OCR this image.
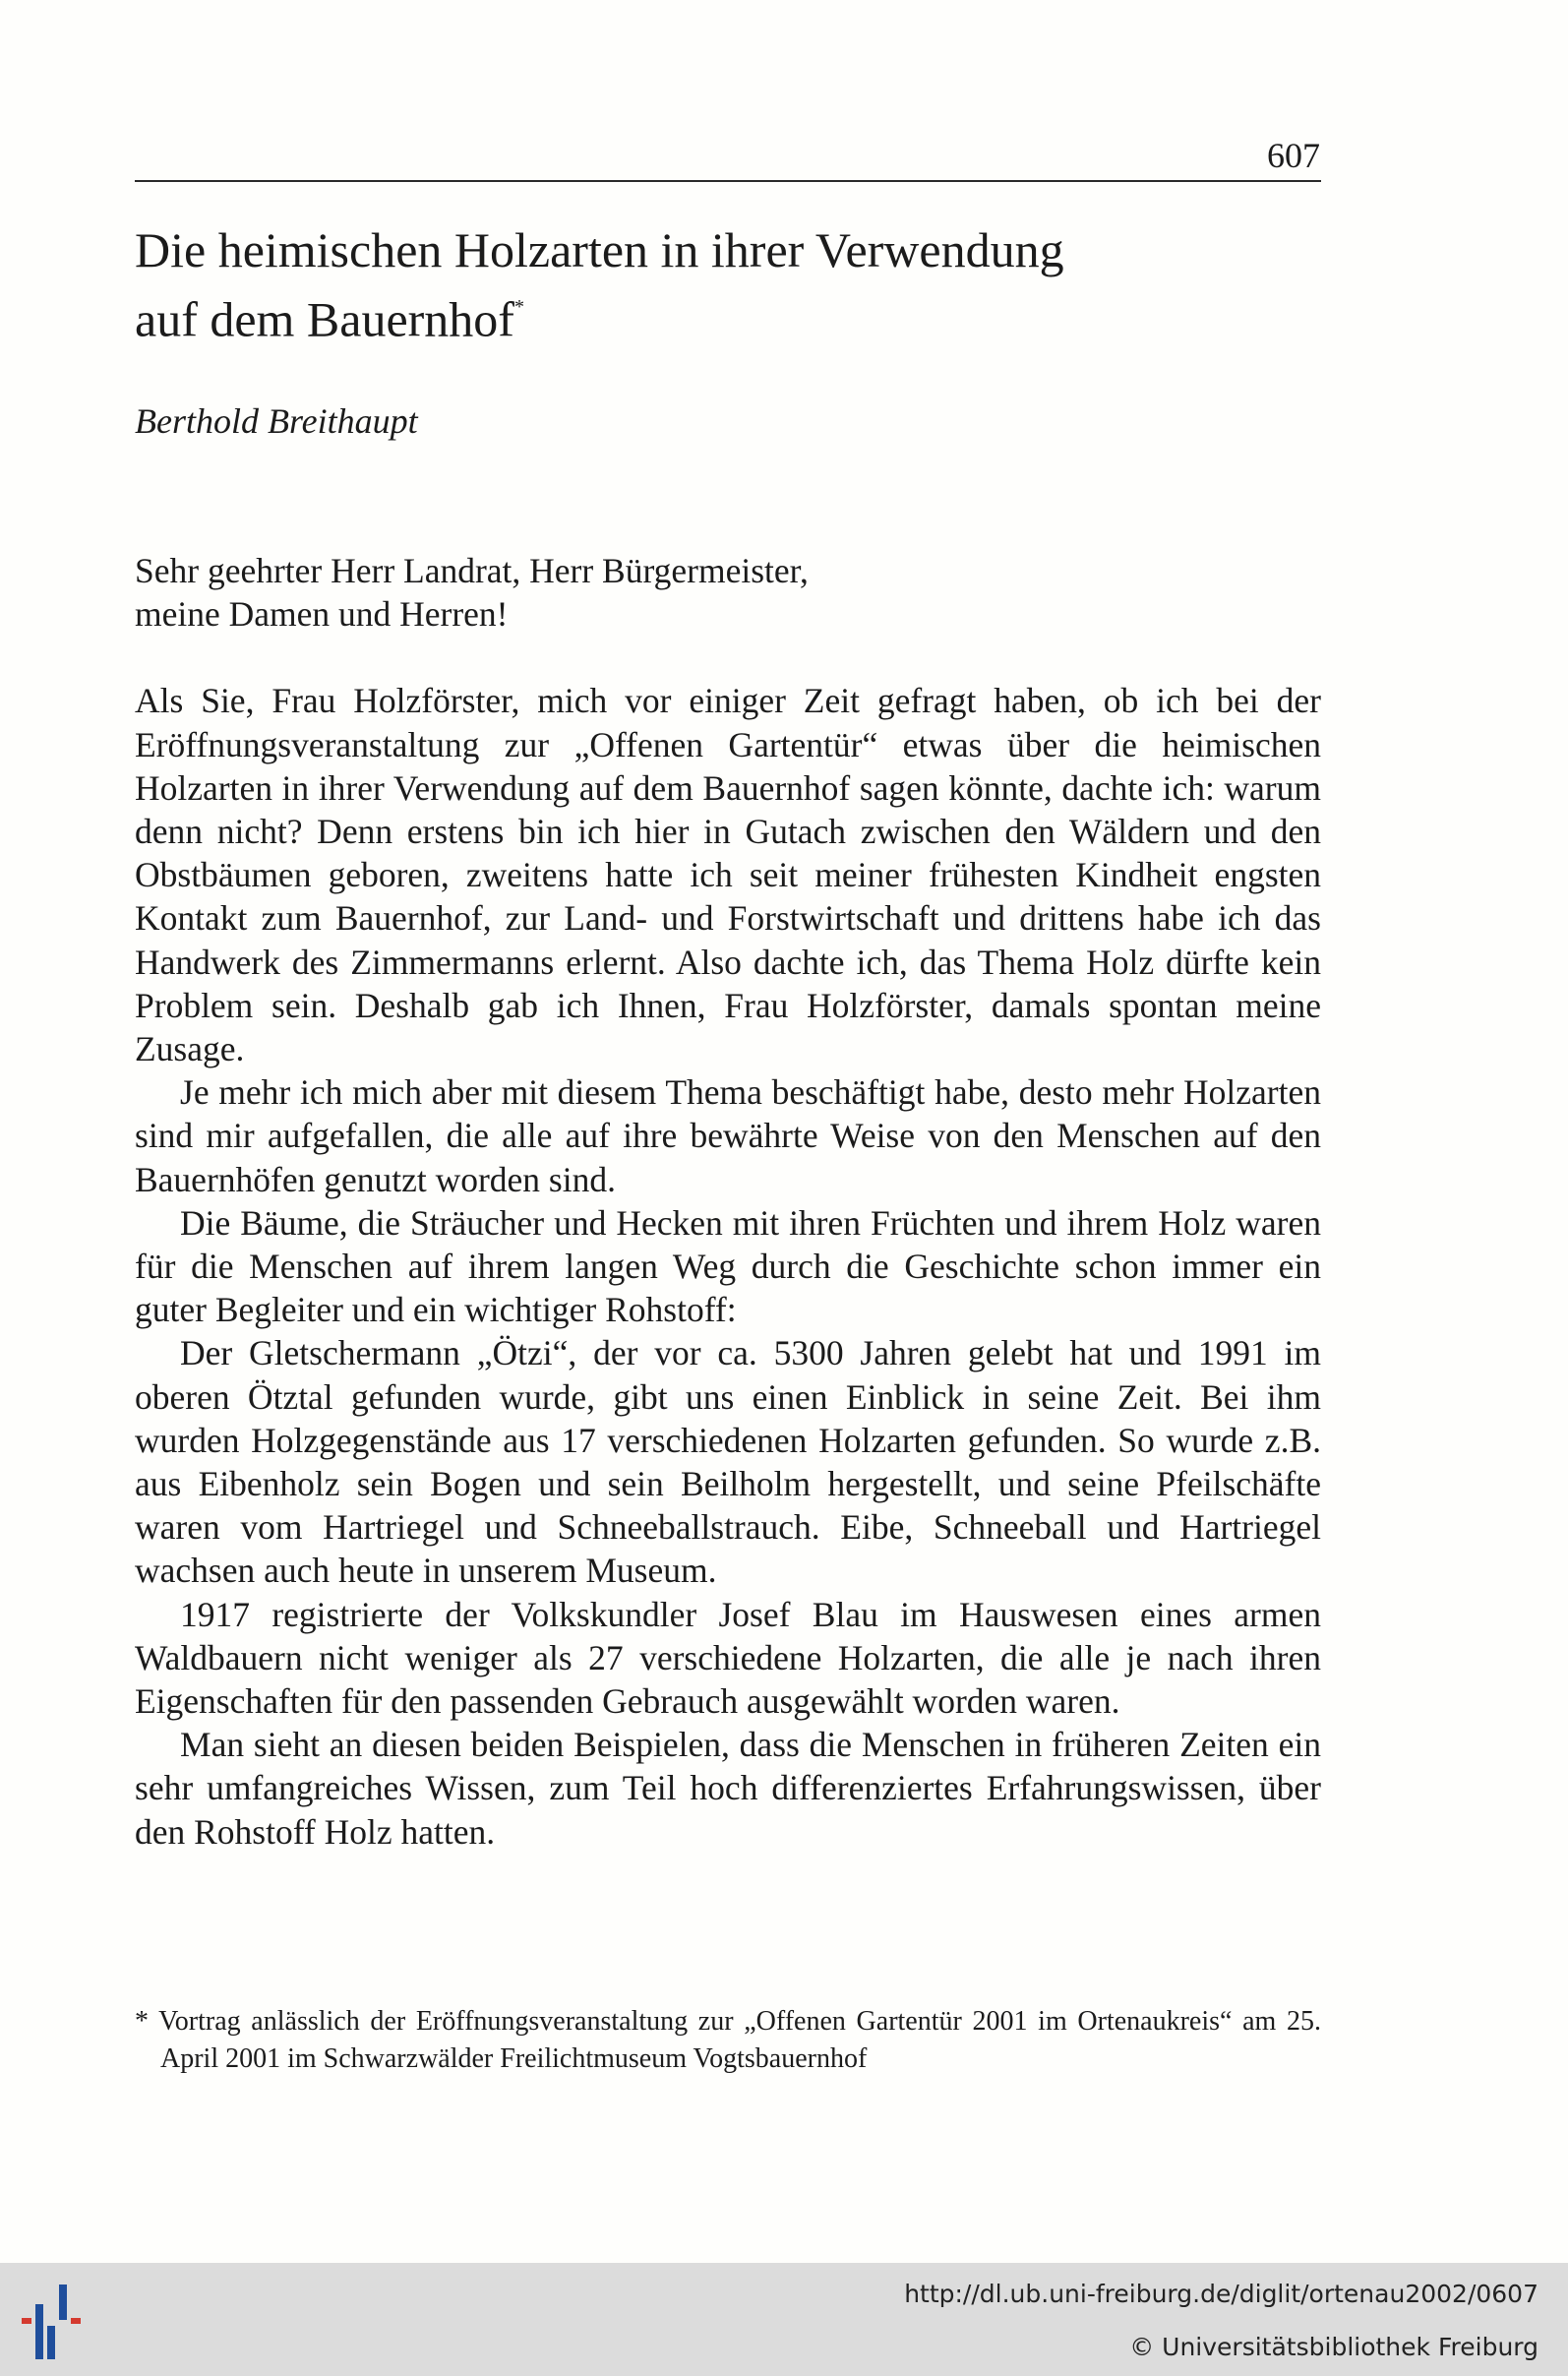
607
Die heimischen Holzarten in ihrer Verwendung
auf dem Bauernhof*
Berthold Breithaupt

Sehr geehrter Herr Landrat, Herr Bürgermeister,
meine Damen und Herren!

Als Sie, Frau Holzförster, mich vor einiger Zeit gefragt haben, ob ich bei der Eröffnungsveranstaltung zur „Offenen Gartentür“ etwas über die heimischen Holzarten in ihrer Verwendung auf dem Bauernhof sagen könnte, dachte ich: warum denn nicht? Denn erstens bin ich hier in Gutach zwischen den Wäldern und den Obstbäumen geboren, zweitens hatte ich seit meiner frühesten Kindheit engsten Kontakt zum Bauernhof, zur Land- und Forstwirtschaft und drittens habe ich das Handwerk des Zimmermanns erlernt. Also dachte ich, das Thema Holz dürfte kein Problem sein. Deshalb gab ich Ihnen, Frau Holzförster, damals spontan meine Zusage.

Je mehr ich mich aber mit diesem Thema beschäftigt habe, desto mehr Holzarten sind mir aufgefallen, die alle auf ihre bewährte Weise von den Menschen auf den Bauernhöfen genutzt worden sind.

Die Bäume, die Sträucher und Hecken mit ihren Früchten und ihrem Holz waren für die Menschen auf ihrem langen Weg durch die Geschichte schon immer ein guter Begleiter und ein wichtiger Rohstoff:

Der Gletschermann „Ötzi“, der vor ca. 5300 Jahren gelebt hat und 1991 im oberen Ötztal gefunden wurde, gibt uns einen Einblick in seine Zeit. Bei ihm wurden Holzgegenstände aus 17 verschiedenen Holzarten gefunden. So wurde z.B. aus Eibenholz sein Bogen und sein Beilholm hergestellt, und seine Pfeilschäfte waren vom Hartriegel und Schneeballstrauch. Eibe, Schneeball und Hartriegel wachsen auch heute in unserem Museum.

1917 registrierte der Volkskundler Josef Blau im Hauswesen eines armen Waldbauern nicht weniger als 27 verschiedene Holzarten, die alle je nach ihren Eigenschaften für den passenden Gebrauch ausgewählt worden waren.

Man sieht an diesen beiden Beispielen, dass die Menschen in früheren Zeiten ein sehr umfangreiches Wissen, zum Teil hoch differenziertes Erfahrungswissen, über den Rohstoff Holz hatten.

* Vortrag anlässlich der Eröffnungsveranstaltung zur „Offenen Gartentür 2001 im Ortenaukreis“ am 25. April 2001 im Schwarzwälder Freilichtmuseum Vogtsbauernhof

http://dl.ub.uni-freiburg.de/diglit/ortenau2002/0607
© Universitätsbibliothek Freiburg
